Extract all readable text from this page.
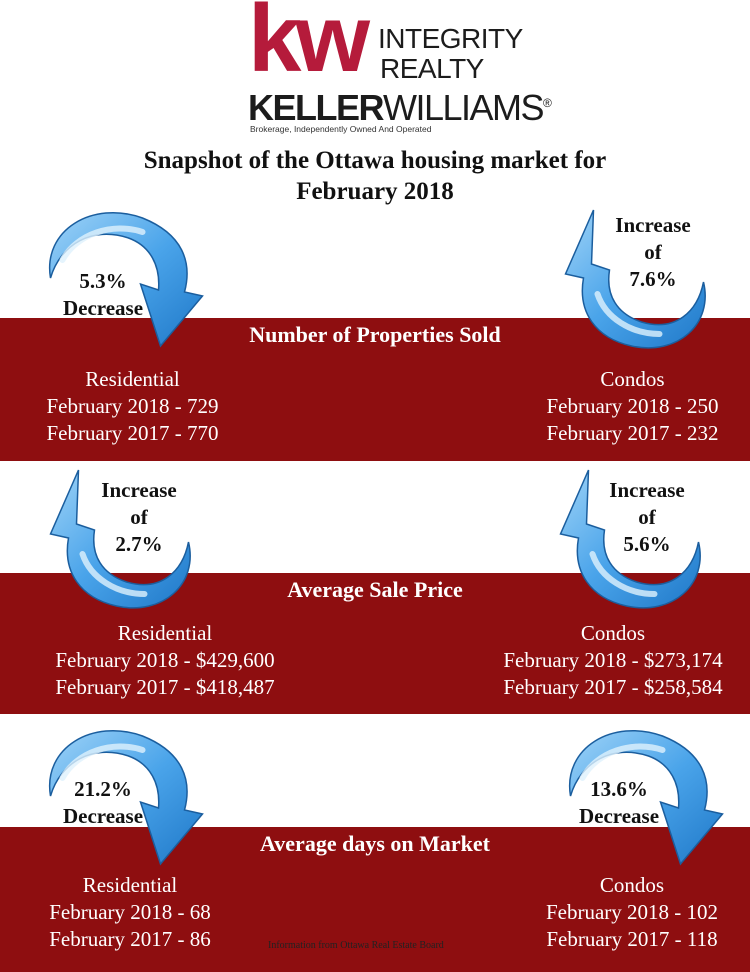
kw INTEGRITY
REALTY
KELLERWILLIAMS®
Brokerage, Independently Owned And Operated
Snapshot of the Ottawa housing market for
February 2018
Number of Properties Sold
5.3%
Decrease
Increase
of
7.6%
Residential
February 2018 - 729
February 2017 - 770
Condos
February 2018 - 250
February 2017 - 232
Average Sale Price
Increase
of
2.7%
Increase
of
5.6%
Residential
February 2018 - $429,600
February 2017 - $418,487
Condos
February 2018 - $273,174
February 2017 - $258,584
Average days on Market
21.2%
Decrease
13.6%
Decrease
Residential
February 2018 - 68
February 2017 - 86
Condos
February 2018 - 102
February 2017 - 118
Information from Ottawa Real Estate Board
